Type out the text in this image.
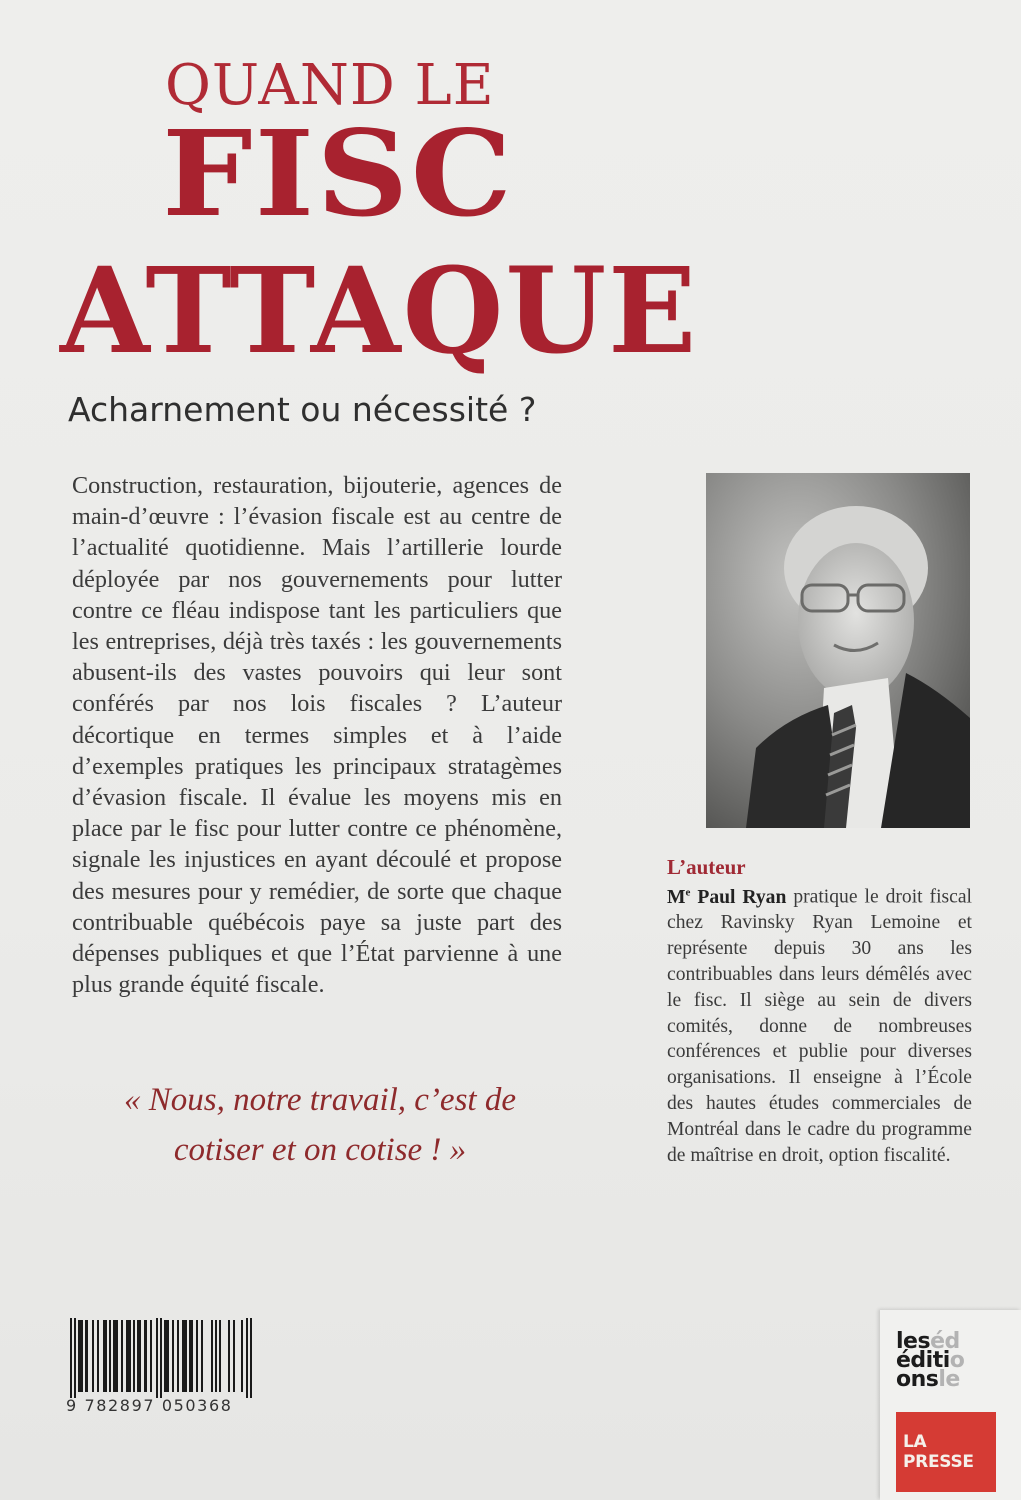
QUAND LE
FISC
ATTAQUE
Acharnement ou nécessité ?
Construction, restauration, bijouterie, agences de main-d’œuvre : l’évasion fiscale est au centre de l’actualité quotidienne. Mais l’artillerie lourde déployée par nos gouvernements pour lutter contre ce fléau indispose tant les particuliers que les entreprises, déjà très taxés : les gouvernements abusent-ils des vastes pouvoirs qui leur sont conférés par nos lois fiscales ? L’auteur décortique en termes simples et à l’aide d’exemples pratiques les principaux stratagèmes d’évasion fiscale. Il évalue les moyens mis en place par le fisc pour lutter contre ce phénomène, signale les injustices en ayant découlé et propose des mesures pour y remédier, de sorte que chaque contribuable québécois paye sa juste part des dépenses publiques et que l’État parvienne à une plus grande équité fiscale.
« Nous, notre travail, c’est de cotiser et on cotise ! »
L’auteur
Me Paul Ryan pratique le droit fiscal chez Ravinsky Ryan Lemoine et représente depuis 30 ans les contribuables dans leurs démêlés avec le fisc. Il siège au sein de divers comités, donne de nombreuses conférences et publie pour diverses organisations. Il enseigne à l’École des hautes études commerciales de Montréal dans le cadre du programme de maîtrise en droit, option fiscalité.
9 782897 050368
leséd
éditio
onsle
LA
PRESSE
